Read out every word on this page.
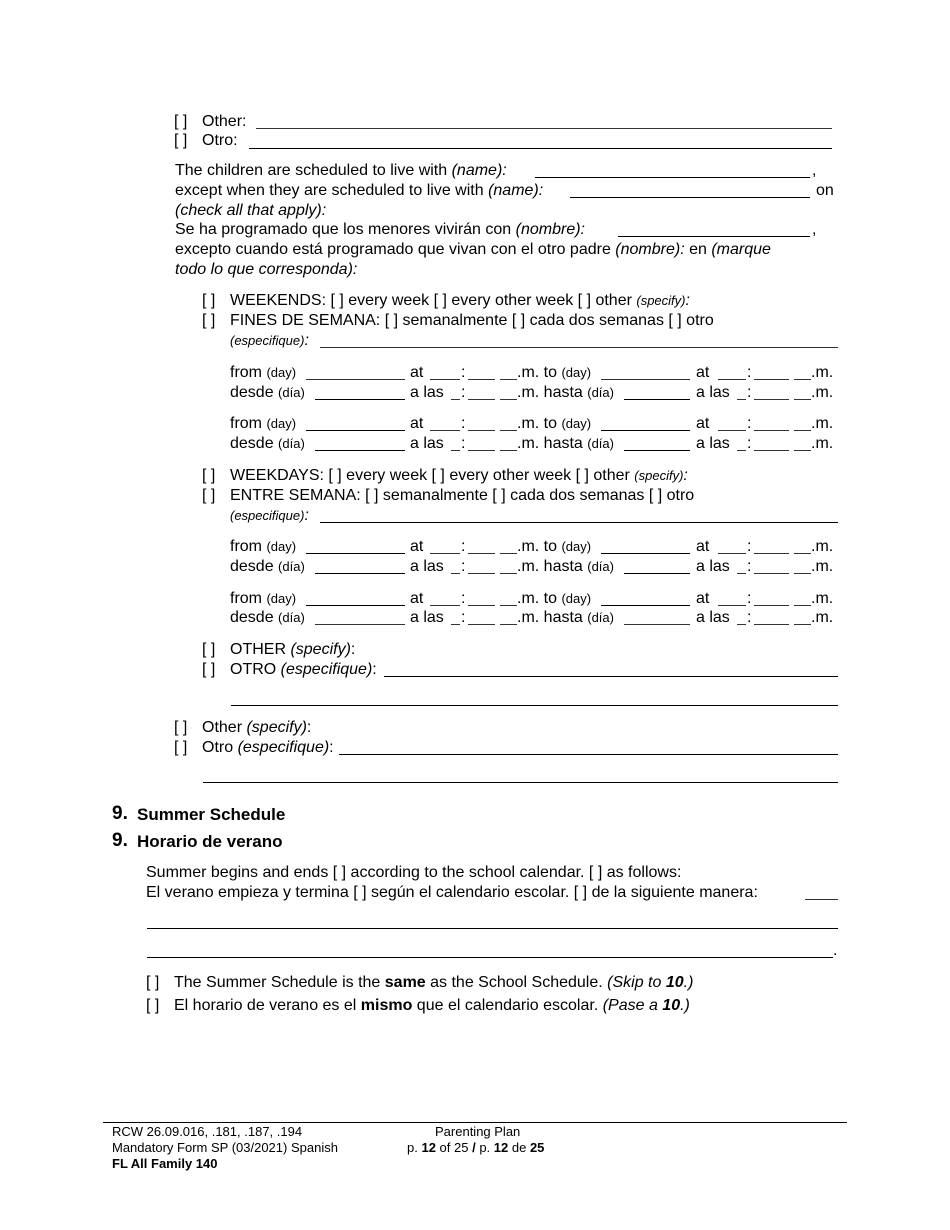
[ ] Other:
[ ] Otro:
The children are scheduled to live with (name):	,
except when they are scheduled to live with (name):	on
(check all that apply):
Se ha programado que los menores vivirán con (nombre):	,
excepto cuando está programado que vivan con el otro padre (nombre): en (marque
todo lo que corresponda):
[ ] WEEKENDS: [ ] every week [ ] every other week [ ] other (specify):
[ ] FINES DE SEMANA: [ ] semanalmente [ ] cada dos semanas [ ] otro
(especifique):
from (day)	at :	.m. to (day)	at :	.m.
desde (día)	a las :	.m. hasta (día)	a las :	.m.
from (day)	at :	.m. to (day)	at :	.m.
desde (día)	a las :	.m. hasta (día)	a las :	.m.
[ ] WEEKDAYS: [ ] every week [ ] every other week [ ] other (specify):
[ ] ENTRE SEMANA: [ ] semanalmente [ ] cada dos semanas [ ] otro
(especifique):
from (day)	at :	.m. to (day)	at :	.m.
desde (día)	a las :	.m. hasta (día)	a las :	.m.
from (day)	at :	.m. to (day)	at :	.m.
desde (día)	a las :	.m. hasta (día)	a las :	.m.
[ ] OTHER (specify):
[ ] OTRO (especifique):
[ ] Other (specify):
[ ] Otro (especifique):
9. Summer Schedule
9. Horario de verano
Summer begins and ends [ ] according to the school calendar. [ ] as follows:
El verano empieza y termina [ ] según el calendario escolar. [ ] de la siguiente manera:
.
[ ] The Summer Schedule is the same as the School Schedule. (Skip to 10.)
[ ] El horario de verano es el mismo que el calendario escolar. (Pase a 10.)
RCW 26.09.016, .181, .187, .194
Mandatory Form SP (03/2021) Spanish
FL All Family 140
Parenting Plan
p. 12 of 25 / p. 12 de 25
